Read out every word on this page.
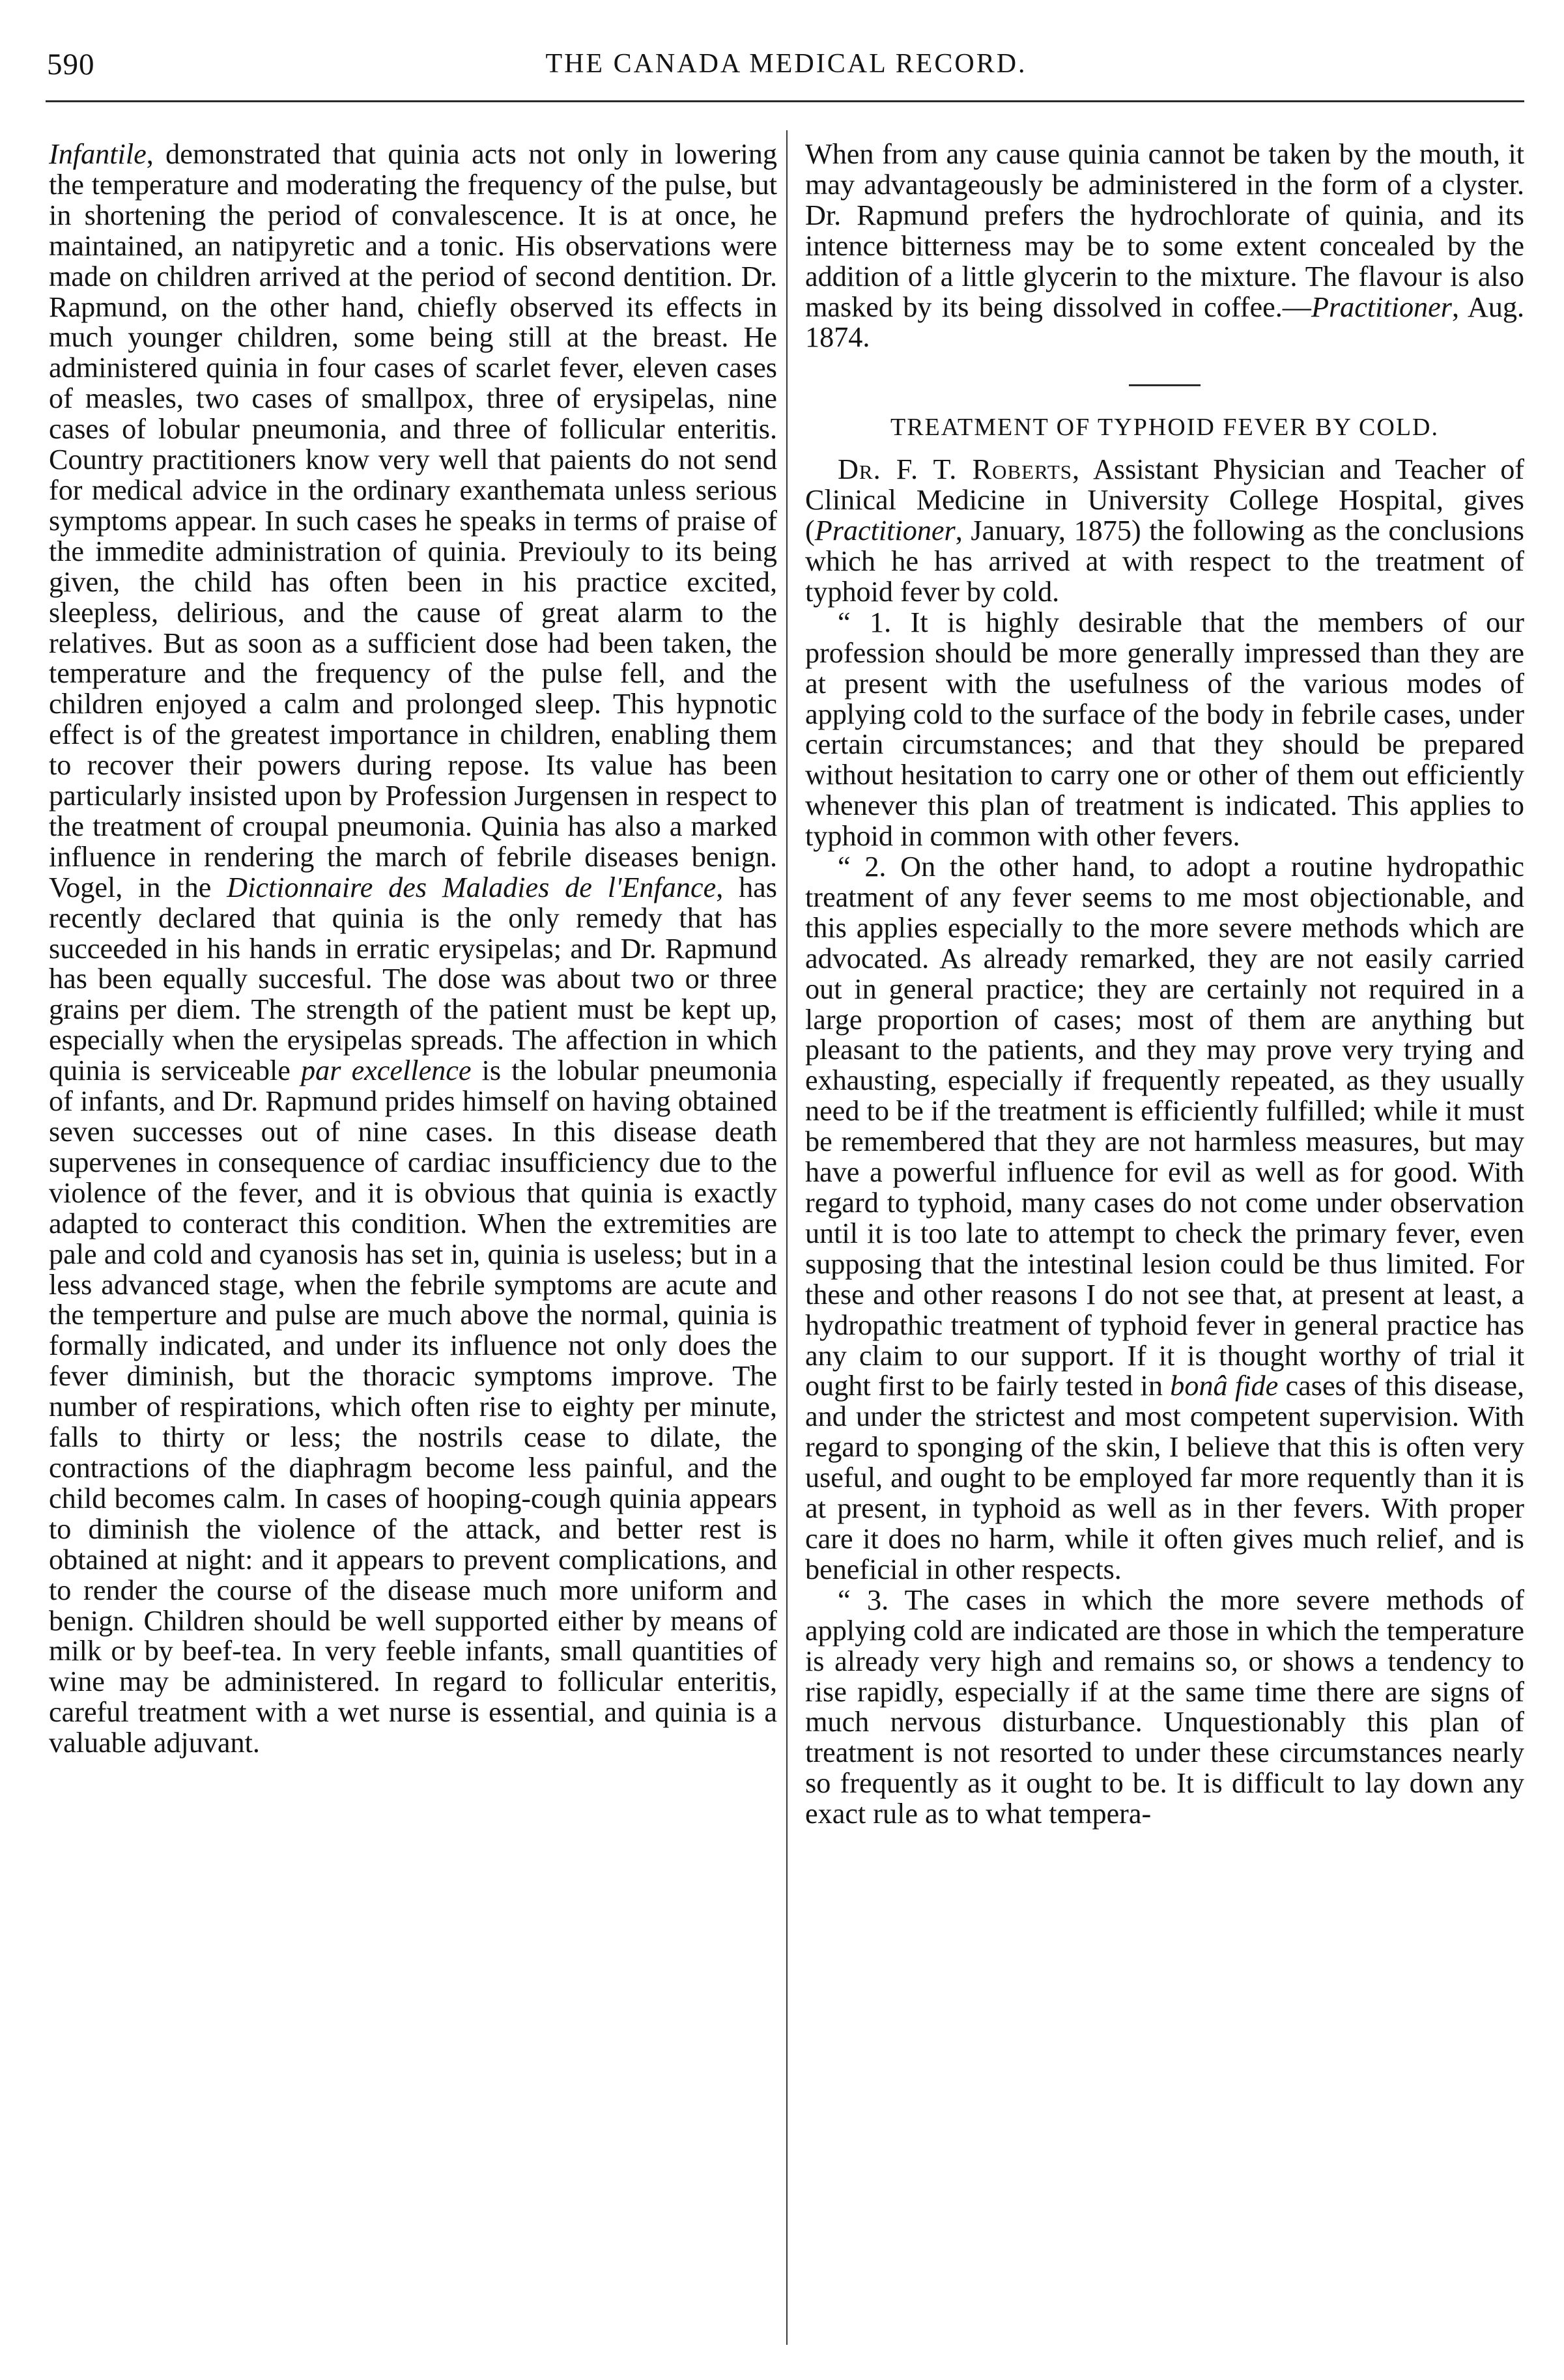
590	THE CANADA MEDICAL RECORD.

Infantile, demonstrated that quinia acts not only in lowering the temperature and moderating the frequency of the pulse, but in shortening the period of convalescence. It is at once, he maintained, an natipyretic and a tonic. His observations were made on children arrived at the period of second dentition. Dr. Rapmund, on the other hand, chiefly observed its effects in much younger children, some being still at the breast. He administered quinia in four cases of scarlet fever, eleven cases of measles, two cases of smallpox, three of erysipelas, nine cases of lobular pneumonia, and three of follicular enteritis. Country practitioners know very well that paients do not send for medical advice in the ordinary exanthemata unless serious symptoms appear. In such cases he speaks in terms of praise of the immedite administration of quinia. Previouly to its being given, the child has often been in his practice excited, sleepless, delirious, and the cause of great alarm to the relatives. But as soon as a sufficient dose had been taken, the temperature and the frequency of the pulse fell, and the children enjoyed a calm and prolonged sleep. This hypnotic effect is of the greatest importance in children, enabling them to recover their powers during repose. Its value has been particularly insisted upon by Profession Jurgensen in respect to the treatment of croupal pneumonia. Quinia has also a marked influence in rendering the march of febrile diseases benign. Vogel, in the Dictionnaire des Maladies de l'Enfance, has recently declared that quinia is the only remedy that has succeeded in his hands in erratic erysipelas; and Dr. Rapmund has been equally succesful. The dose was about two or three grains per diem. The strength of the patient must be kept up, especially when the erysipelas spreads. The affection in which quinia is serviceable par excellence is the lobular pneumonia of infants, and Dr. Rapmund prides himself on having obtained seven successes out of nine cases. In this disease death supervenes in consequence of cardiac insufficiency due to the violence of the fever, and it is obvious that quinia is exactly adapted to conteract this condition. When the extremities are pale and cold and cyanosis has set in, quinia is useless; but in a less advanced stage, when the febrile symptoms are acute and the temperture and pulse are much above the normal, quinia is formally indicated, and under its influence not only does the fever diminish, but the thoracic symptoms improve. The number of respirations, which often rise to eighty per minute, falls to thirty or less; the nostrils cease to dilate, the contractions of the diaphragm become less painful, and the child becomes calm. In cases of hooping-cough quinia appears to diminish the violence of the attack, and better rest is obtained at night: and it appears to prevent complications, and to render the course of the disease much more uniform and benign. Children should be well supported either by means of milk or by beef-tea. In very feeble infants, small quantities of wine may be administered. In regard to follicular enteritis, careful treatment with a wet nurse is essential, and quinia is a valuable adjuvant.

When from any cause quinia cannot be taken by the mouth, it may advantageously be administered in the form of a clyster. Dr. Rapmund prefers the hydrochlorate of quinia, and its intence bitterness may be to some extent concealed by the addition of a little glycerin to the mixture. The flavour is also masked by its being dissolved in coffee.—Practitioner, Aug. 1874.

TREATMENT OF TYPHOID FEVER BY COLD.

Dr. F. T. Roberts, Assistant Physician and Teacher of Clinical Medicine in University College Hospital, gives (Practitioner, January, 1875) the following as the conclusions which he has arrived at with respect to the treatment of typhoid fever by cold.

“ 1. It is highly desirable that the members of our profession should be more generally impressed than they are at present with the usefulness of the various modes of applying cold to the surface of the body in febrile cases, under certain circumstances; and that they should be prepared without hesitation to carry one or other of them out efficiently whenever this plan of treatment is indicated. This applies to typhoid in common with other fevers.

“ 2. On the other hand, to adopt a routine hydropathic treatment of any fever seems to me most objectionable, and this applies especially to the more severe methods which are advocated. As already remarked, they are not easily carried out in general practice; they are certainly not required in a large proportion of cases; most of them are anything but pleasant to the patients, and they may prove very trying and exhausting, especially if frequently repeated, as they usually need to be if the treatment is efficiently fulfilled; while it must be remembered that they are not harmless measures, but may have a powerful influence for evil as well as for good. With regard to typhoid, many cases do not come under observation until it is too late to attempt to check the primary fever, even supposing that the intestinal lesion could be thus limited. For these and other reasons I do not see that, at present at least, a hydropathic treatment of typhoid fever in general practice has any claim to our support. If it is thought worthy of trial it ought first to be fairly tested in bonâ fide cases of this disease, and under the strictest and most competent supervision. With regard to sponging of the skin, I believe that this is often very useful, and ought to be employed far more requently than it is at present, in typhoid as well as in ther fevers. With proper care it does no harm, while it often gives much relief, and is beneficial in other respects.

“ 3. The cases in which the more severe methods of applying cold are indicated are those in which the temperature is already very high and remains so, or shows a tendency to rise rapidly, especially if at the same time there are signs of much nervous disturbance. Unquestionably this plan of treatment is not resorted to under these circumstances nearly so frequently as it ought to be. It is difficult to lay down any exact rule as to what tempera-
